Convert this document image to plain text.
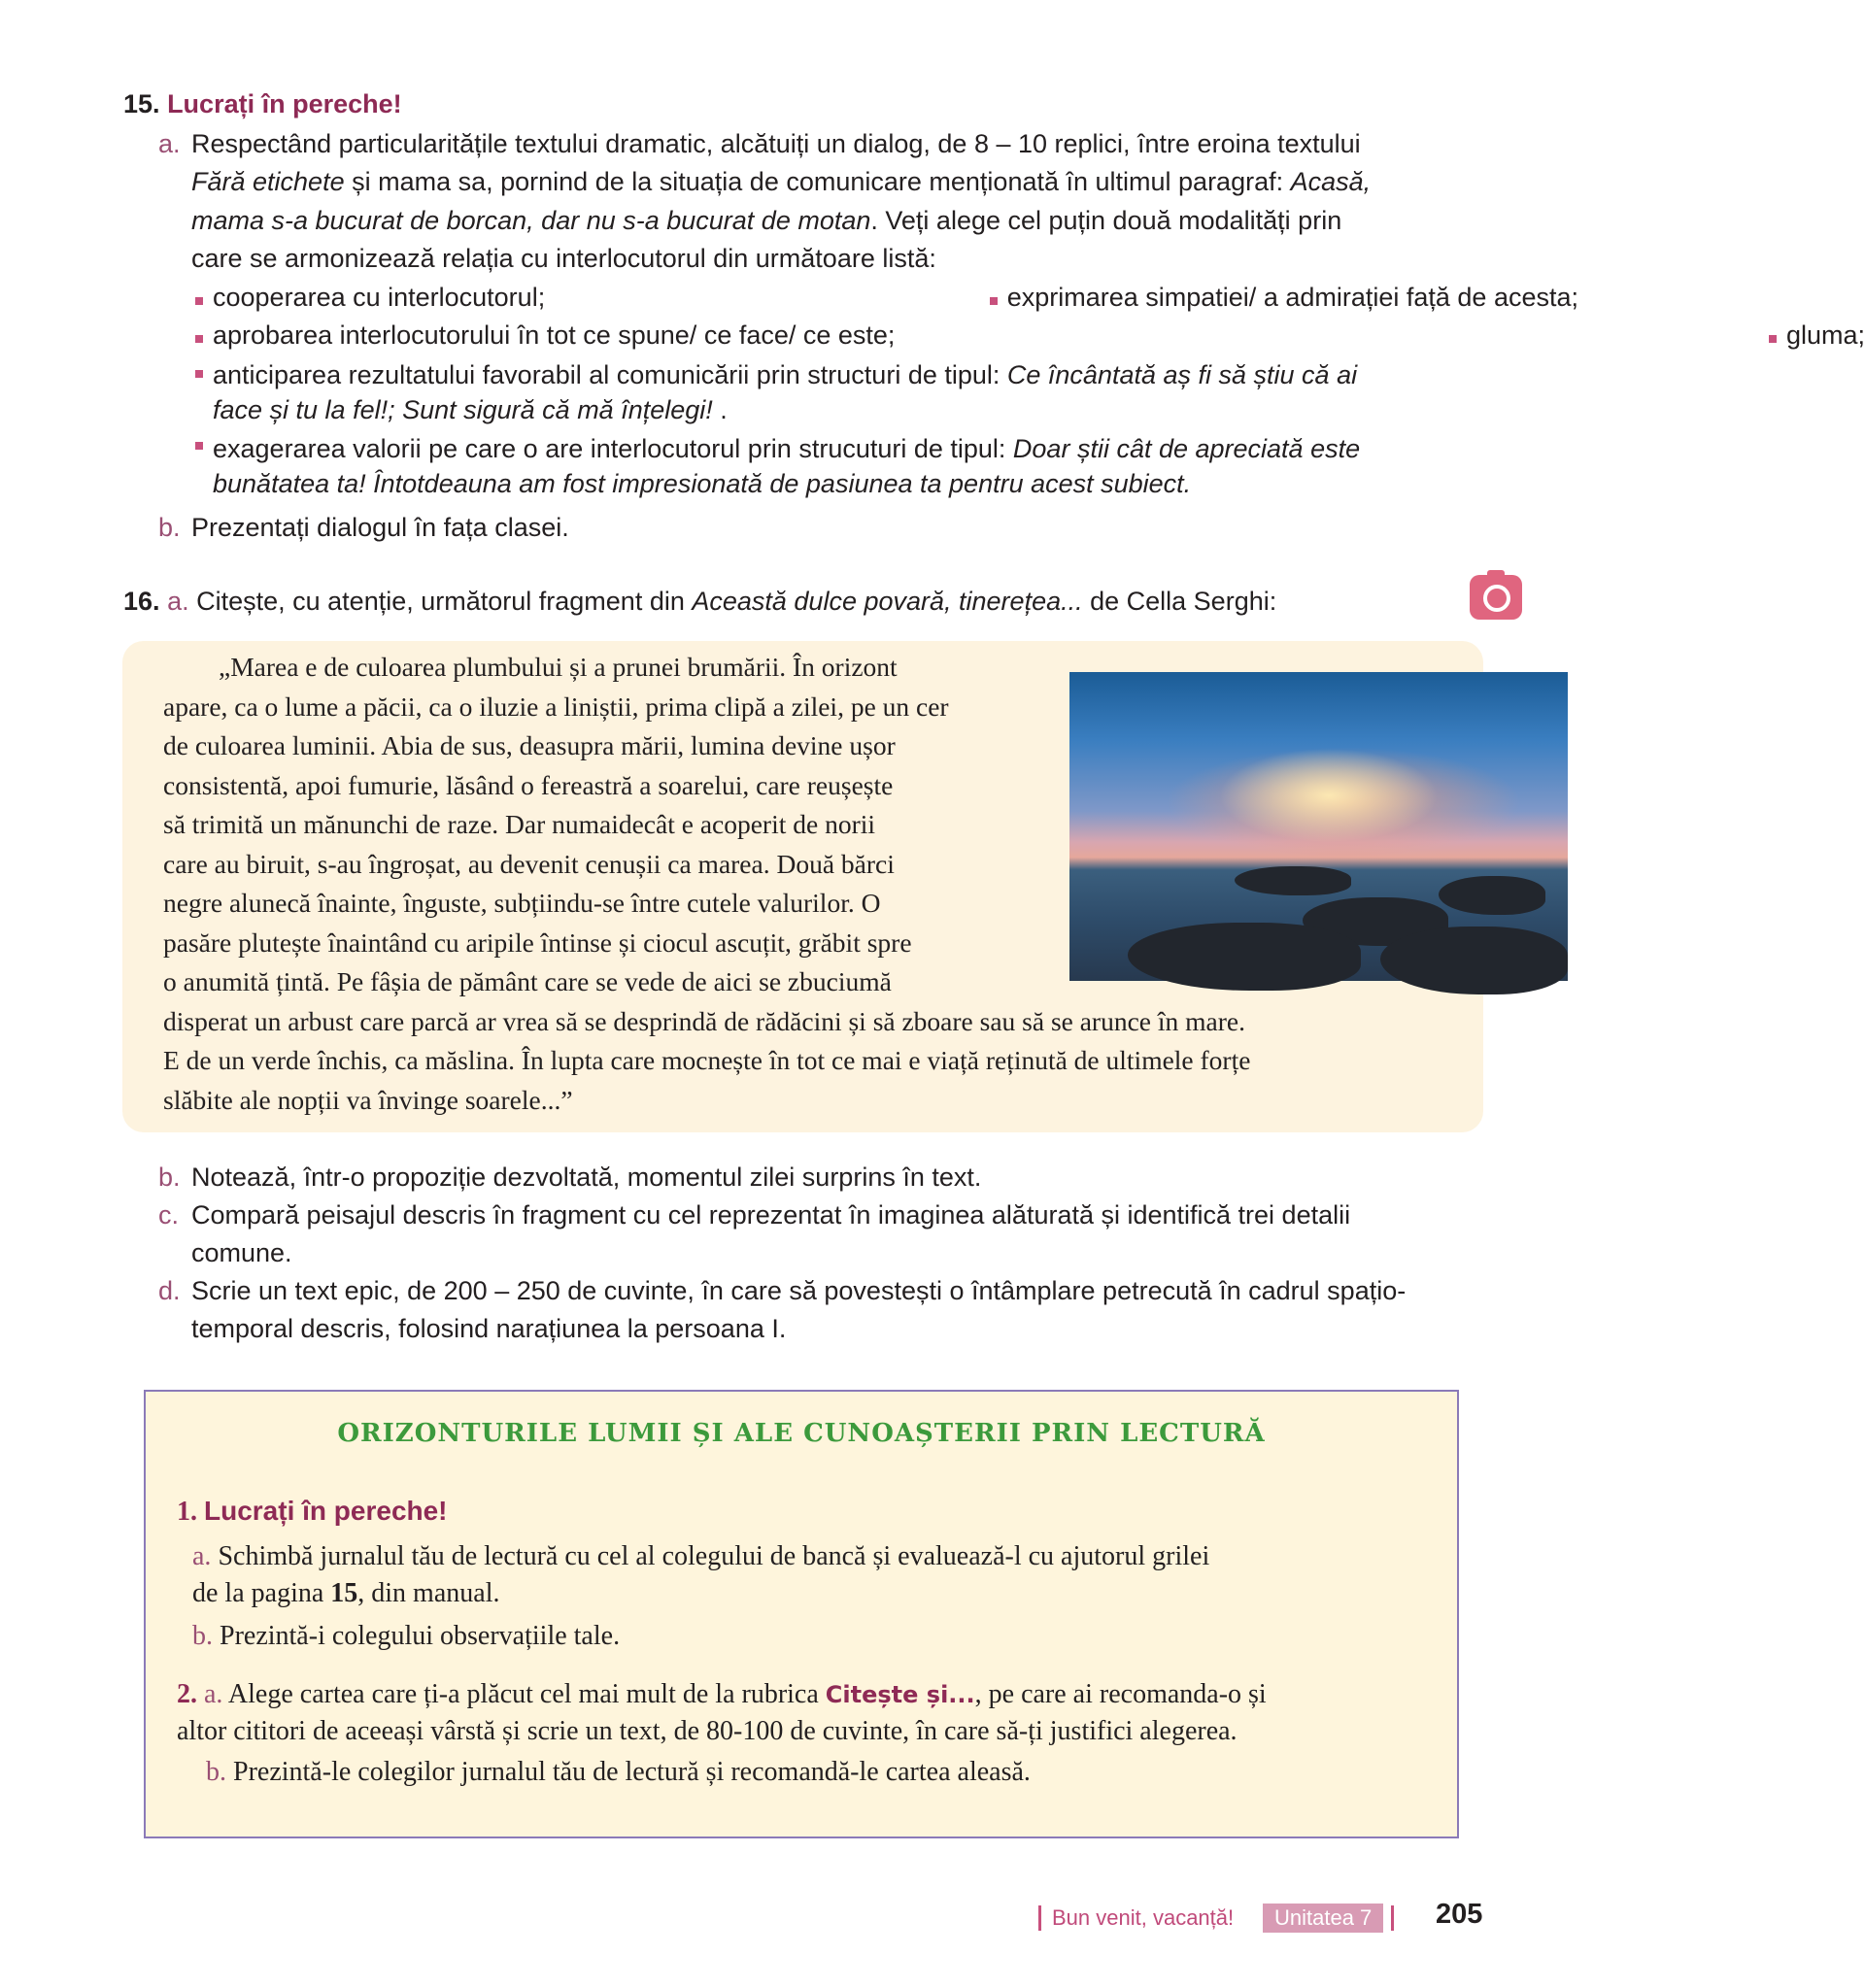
15. Lucrați în pereche!

a. Respectând particularitățile textului dramatic, alcătuiți un dialog, de 8 – 10 replici, între eroina textului

Fără etichete și mama sa, pornind de la situația de comunicare menționată în ultimul paragraf: Acasă,

mama s-a bucurat de borcan, dar nu s-a bucurat de motan. Veți alege cel puțin două modalități prin

care se armonizează relația cu interlocutorul din următoare listă:

cooperarea cu interlocutorul;	exprimarea simpatiei/ a admirației față de acesta;
aprobarea interlocutorului în tot ce spune/ ce face/ ce este;	gluma;
anticiparea rezultatului favorabil al comunicării prin structuri de tipul: Ce încântată aș fi să știu că ai
face și tu la fel!; Sunt sigură că mă înțelegi! .
exagerarea valorii pe care o are interlocutorul prin strucuturi de tipul: Doar știi cât de apreciată este
bunătatea ta! Întotdeauna am fost impresionată de pasiunea ta pentru acest subiect.
b. Prezentați dialogul în fața clasei.

16. a. Citește, cu atenție, următorul fragment din Această dulce povară, tinerețea... de Cella Serghi:
„Marea e de culoarea plumbului și a prunei brumării. În orizont
apare, ca o lume a păcii, ca o iluzie a liniștii, prima clipă a zilei, pe un cer
de culoarea luminii. Abia de sus, deasupra mării, lumina devine ușor
consistentă, apoi fumurie, lăsând o fereastră a soarelui, care reușește
să trimită un mănunchi de raze. Dar numaidecât e acoperit de norii
care au biruit, s-au îngroșat, au devenit cenușii ca marea. Două bărci
negre alunecă înainte, înguste, subțiindu-se între cutele valurilor. O
pasăre plutește înaintând cu aripile întinse și ciocul ascuțit, grăbit spre
o anumită țintă. Pe fâșia de pământ care se vede de aici se zbuciumă
disperat un arbust care parcă ar vrea să se desprindă de rădăcini și să zboare sau să se arunce în mare.
E de un verde închis, ca măslina. În lupta care mocnește în tot ce mai e viață reținută de ultimele forțe
slăbite ale nopții va învinge soarele...”
b. Notează, într-o propoziție dezvoltată, momentul zilei surprins în text.

c. Compară peisajul descris în fragment cu cel reprezentat în imaginea alăturată și identifică trei detalii

comune.

d. Scrie un text epic, de 200 – 250 de cuvinte, în care să povestești o întâmplare petrecută în cadrul spațio-

temporal descris, folosind narațiunea la persoana I.

ORIZONTURILE LUMII ȘI ALE CUNOAȘTERII PRIN LECTURĂ
1. Lucrați în pereche!
a. Schimbă jurnalul tău de lectură cu cel al colegului de bancă și evaluează-l cu ajutorul grilei
de la pagina 15, din manual.
b. Prezintă-i colegului observațiile tale.
2. a. Alege cartea care ți-a plăcut cel mai mult de la rubrica Citește și..., pe care ai recomanda-o și
altor cititori de aceeași vârstă și scrie un text, de 80-100 de cuvinte, în care să-ți justifici alegerea.
b. Prezintă-le colegilor jurnalul tău de lectură și recomandă-le cartea aleasă.
Bun venit, vacanță!	Unitatea 7	205
